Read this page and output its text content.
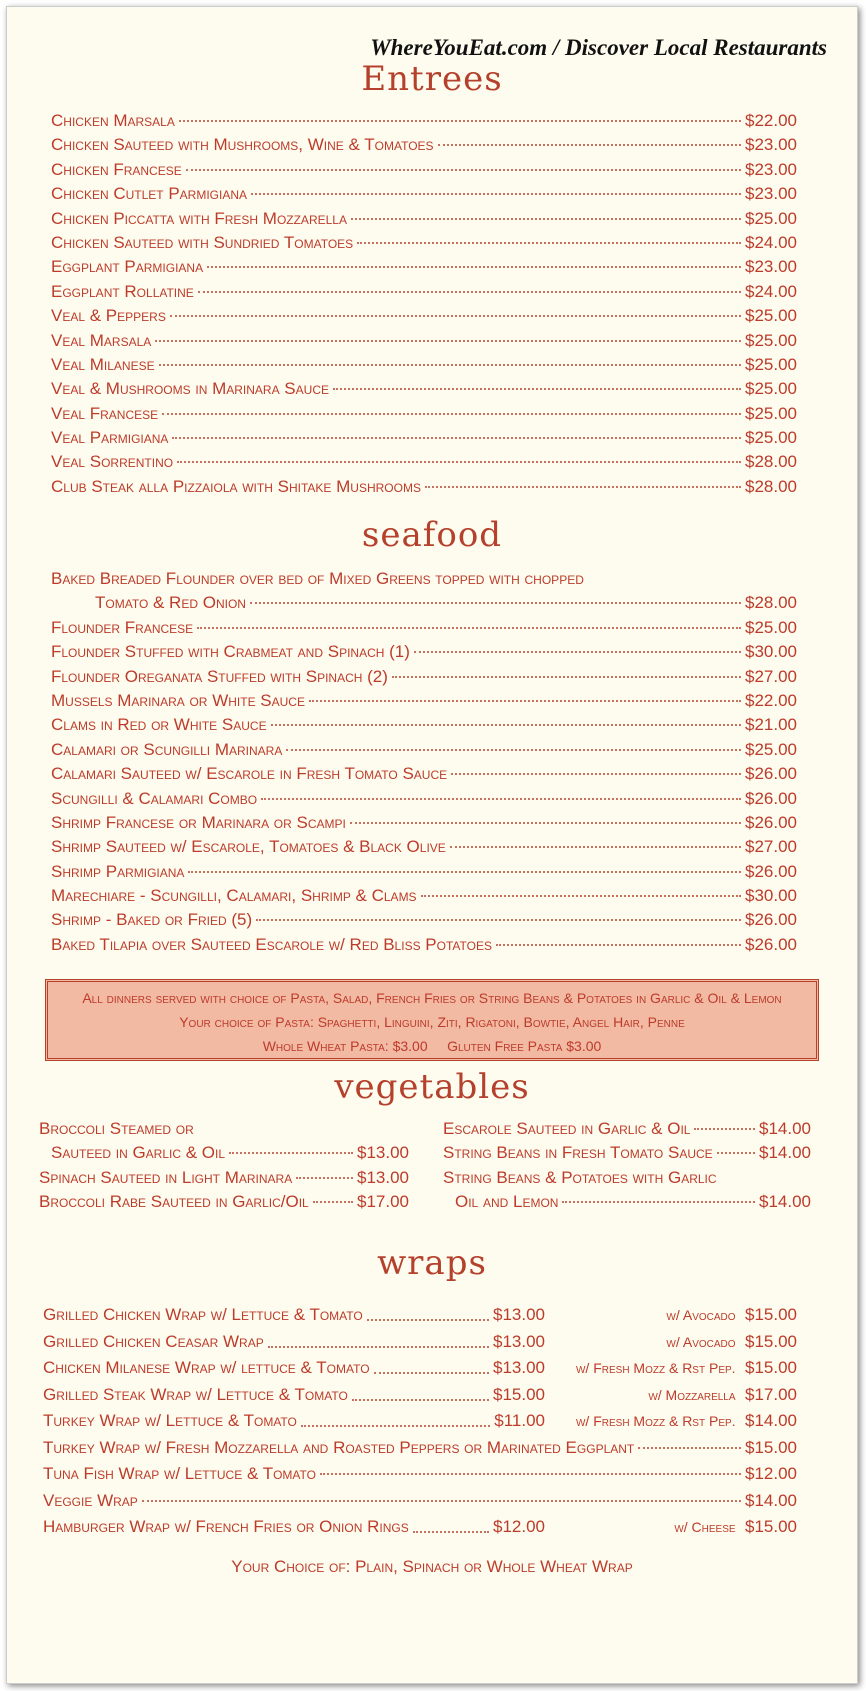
WhereYouEat.com / Discover Local Restaurants
Entrees
Chicken Marsala	$22.00
Chicken Sauteed with Mushrooms, Wine & Tomatoes	$23.00
Chicken Francese	$23.00
Chicken Cutlet Parmigiana	$23.00
Chicken Piccatta with Fresh Mozzarella	$25.00
Chicken Sauteed with Sundried Tomatoes	$24.00
Eggplant Parmigiana	$23.00
Eggplant Rollatine	$24.00
Veal & Peppers	$25.00
Veal Marsala	$25.00
Veal Milanese	$25.00
Veal & Mushrooms in Marinara Sauce	$25.00
Veal Francese	$25.00
Veal Parmigiana	$25.00
Veal Sorrentino	$28.00
Club Steak alla Pizzaiola with Shitake Mushrooms	$28.00
seafood
Baked Breaded Flounder over bed of Mixed Greens topped with chopped
Tomato & Red Onion	$28.00
Flounder Francese	$25.00
Flounder Stuffed with Crabmeat and Spinach (1)	$30.00
Flounder Oreganata Stuffed with Spinach (2)	$27.00
Mussels Marinara or White Sauce	$22.00
Clams in Red or White Sauce	$21.00
Calamari or Scungilli Marinara	$25.00
Calamari Sauteed w/ Escarole in Fresh Tomato Sauce	$26.00
Scungilli & Calamari Combo	$26.00
Shrimp Francese or Marinara or Scampi	$26.00
Shrimp Sauteed w/ Escarole, Tomatoes & Black Olive	$27.00
Shrimp Parmigiana	$26.00
Marechiare - Scungilli, Calamari, Shrimp & Clams	$30.00
Shrimp - Baked or Fried (5)	$26.00
Baked Tilapia over Sauteed Escarole w/ Red Bliss Potatoes	$26.00
All dinners served with choice of Pasta, Salad, French Fries or String Beans & Potatoes in Garlic & Oil & Lemon
Your choice of Pasta: Spaghetti, Linguini, Ziti, Rigatoni, Bowtie, Angel Hair, Penne
Whole Wheat Pasta: $3.00 Gluten Free Pasta $3.00
vegetables
Broccoli Steamed or
Sauteed in Garlic & Oil	$13.00
Spinach Sauteed in Light Marinara	$13.00
Broccoli Rabe Sauteed in Garlic/Oil	$17.00
Escarole Sauteed in Garlic & Oil	$14.00
String Beans in Fresh Tomato Sauce	$14.00
String Beans & Potatoes with Garlic
Oil and Lemon	$14.00
wraps
Grilled Chicken Wrap w/ Lettuce & Tomato	$13.00	w/ Avocado $15.00
Grilled Chicken Ceasar Wrap	$13.00	w/ Avocado $15.00
Chicken Milanese Wrap w/ lettuce & Tomato	$13.00	w/ Fresh Mozz & Rst Pep. $15.00
Grilled Steak Wrap w/ Lettuce & Tomato	$15.00	w/ Mozzarella $17.00
Turkey Wrap w/ Lettuce & Tomato	$11.00	w/ Fresh Mozz & Rst Pep. $14.00
Turkey Wrap w/ Fresh Mozzarella and Roasted Peppers or Marinated Eggplant	$15.00
Tuna Fish Wrap w/ Lettuce & Tomato	$12.00
Veggie Wrap	$14.00
Hamburger Wrap w/ French Fries or Onion Rings	$12.00	w/ Cheese $15.00
Your Choice of: Plain, Spinach or Whole Wheat Wrap
